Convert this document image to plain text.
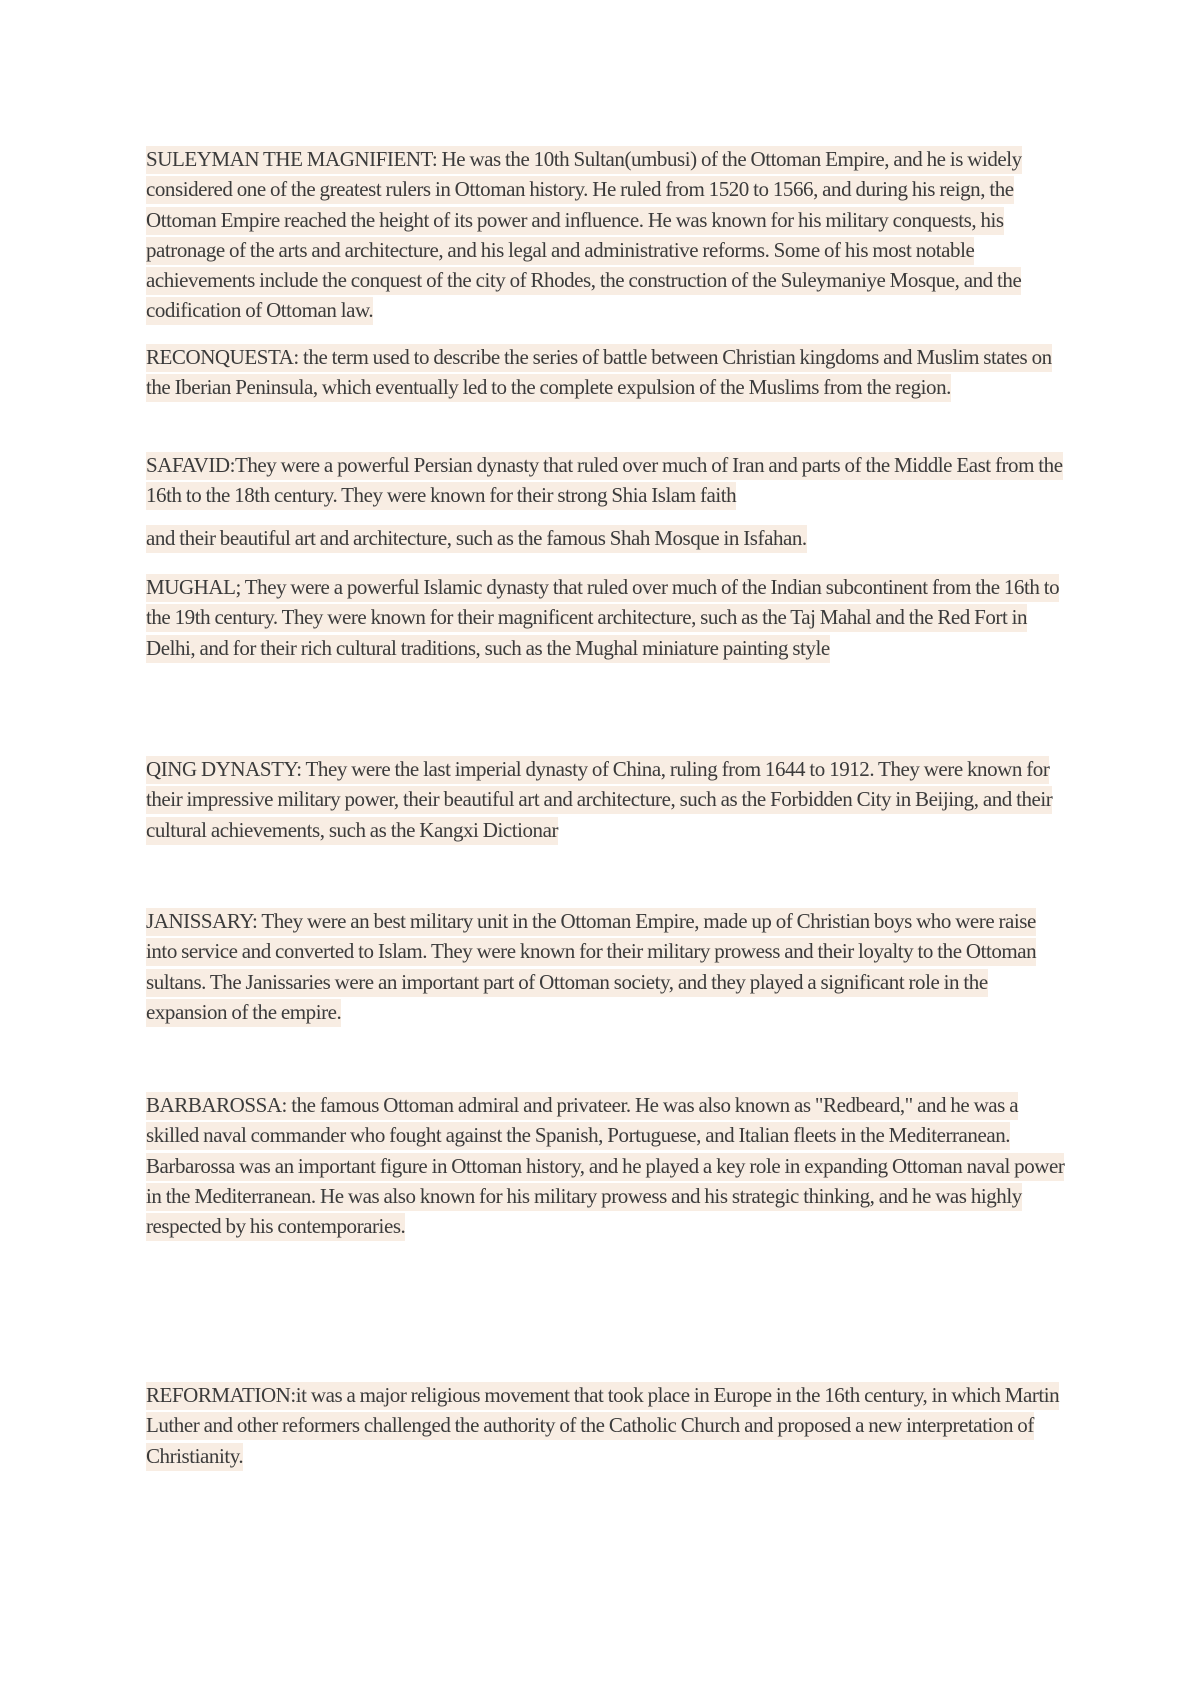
SULEYMAN THE MAGNIFIENT: He was the 10th Sultan(umbusi) of the Ottoman Empire, and he is widely considered one of the greatest rulers in Ottoman history. He ruled from 1520 to 1566, and during his reign, the Ottoman Empire reached the height of its power and influence. He was known for his military conquests, his patronage of the arts and architecture, and his legal and administrative reforms. Some of his most notable achievements include the conquest of the city of Rhodes, the construction of the Suleymaniye Mosque, and the codification of Ottoman law.

RECONQUESTA: the term used to describe the series of battle between Christian kingdoms and Muslim states on the Iberian Peninsula, which eventually led to the complete expulsion of the Muslims from the region.

SAFAVID:They were a powerful Persian dynasty that ruled over much of Iran and parts of the Middle East from the 16th to the 18th century. They were known for their strong Shia Islam faith
and their beautiful art and architecture, such as the famous Shah Mosque in Isfahan.

MUGHAL; They were a powerful Islamic dynasty that ruled over much of the Indian subcontinent from the 16th to the 19th century. They were known for their magnificent architecture, such as the Taj Mahal and the Red Fort in Delhi, and for their rich cultural traditions, such as the Mughal miniature painting style

QING DYNASTY: They were the last imperial dynasty of China, ruling from 1644 to 1912. They were known for their impressive military power, their beautiful art and architecture, such as the Forbidden City in Beijing, and their cultural achievements, such as the Kangxi Dictionar

JANISSARY: They were an best military unit in the Ottoman Empire, made up of Christian boys who were raise into service and converted to Islam. They were known for their military prowess and their loyalty to the Ottoman sultans. The Janissaries were an important part of Ottoman society, and they played a significant role in the expansion of the empire.

BARBAROSSA: the famous Ottoman admiral and privateer. He was also known as "Redbeard," and he was a skilled naval commander who fought against the Spanish, Portuguese, and Italian fleets in the Mediterranean. Barbarossa was an important figure in Ottoman history, and he played a key role in expanding Ottoman naval power in the Mediterranean. He was also known for his military prowess and his strategic thinking, and he was highly respected by his contemporaries.

REFORMATION:it was a major religious movement that took place in Europe in the 16th century, in which Martin Luther and other reformers challenged the authority of the Catholic Church and proposed a new interpretation of Christianity.
